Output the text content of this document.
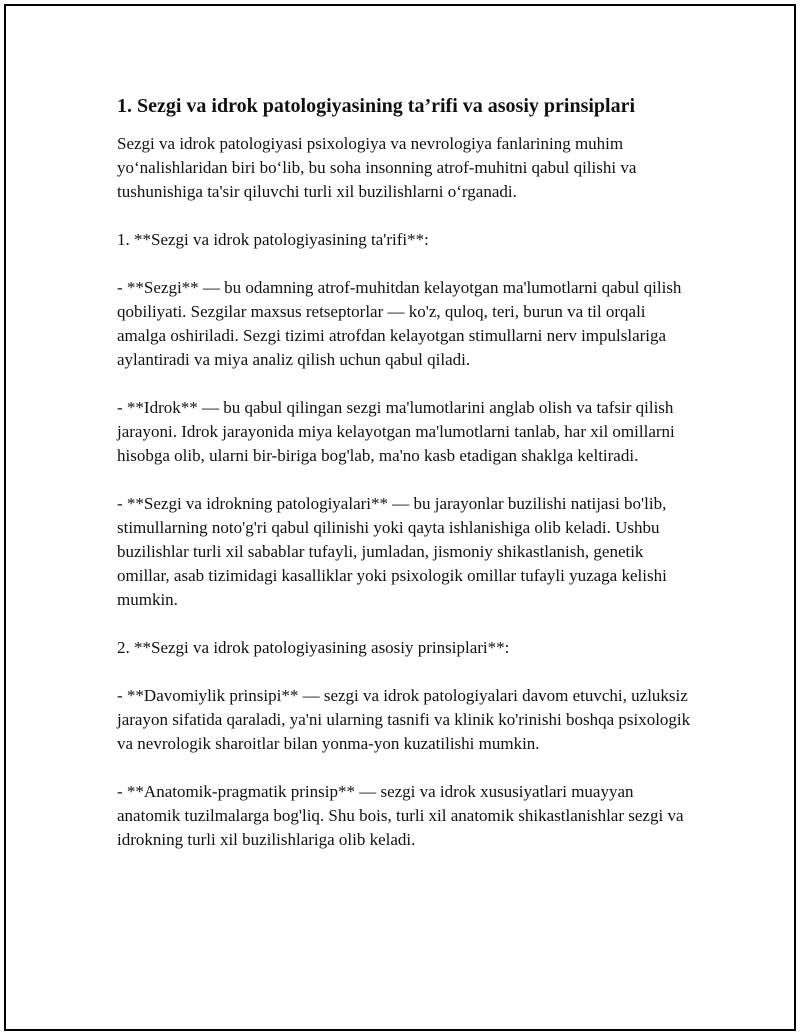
1. Sezgi va idrok patologiyasining ta’rifi va asosiy prinsiplari

Sezgi va idrok patologiyasi psixologiya va nevrologiya fanlarining muhim yo‘nalishlaridan biri bo‘lib, bu soha insonning atrof-muhitni qabul qilishi va tushunishiga ta'sir qiluvchi turli xil buzilishlarni o‘rganadi.

1. **Sezgi va idrok patologiyasining ta'rifi**:

- **Sezgi** — bu odamning atrof-muhitdan kelayotgan ma'lumotlarni qabul qilish qobiliyati. Sezgilar maxsus retseptorlar — ko'z, quloq, teri, burun va til orqali amalga oshiriladi. Sezgi tizimi atrofdan kelayotgan stimullarni nerv impulslariga aylantiradi va miya analiz qilish uchun qabul qiladi.

- **Idrok** — bu qabul qilingan sezgi ma'lumotlarini anglab olish va tafsir qilish jarayoni. Idrok jarayonida miya kelayotgan ma'lumotlarni tanlab, har xil omillarni hisobga olib, ularni bir-biriga bog'lab, ma'no kasb etadigan shaklga keltiradi.

- **Sezgi va idrokning patologiyalari** — bu jarayonlar buzilishi natijasi bo'lib, stimullarning noto'g'ri qabul qilinishi yoki qayta ishlanishiga olib keladi. Ushbu buzilishlar turli xil sabablar tufayli, jumladan, jismoniy shikastlanish, genetik omillar, asab tizimidagi kasalliklar yoki psixologik omillar tufayli yuzaga kelishi mumkin.

2. **Sezgi va idrok patologiyasining asosiy prinsiplari**:

- **Davomiylik prinsipi** — sezgi va idrok patologiyalari davom etuvchi, uzluksiz jarayon sifatida qaraladi, ya'ni ularning tasnifi va klinik ko'rinishi boshqa psixologik va nevrologik sharoitlar bilan yonma-yon kuzatilishi mumkin.

- **Anatomik-pragmatik prinsip** — sezgi va idrok xususiyatlari muayyan anatomik tuzilmalarga bog'liq. Shu bois, turli xil anatomik shikastlanishlar sezgi va idrokning turli xil buzilishlariga olib keladi.
